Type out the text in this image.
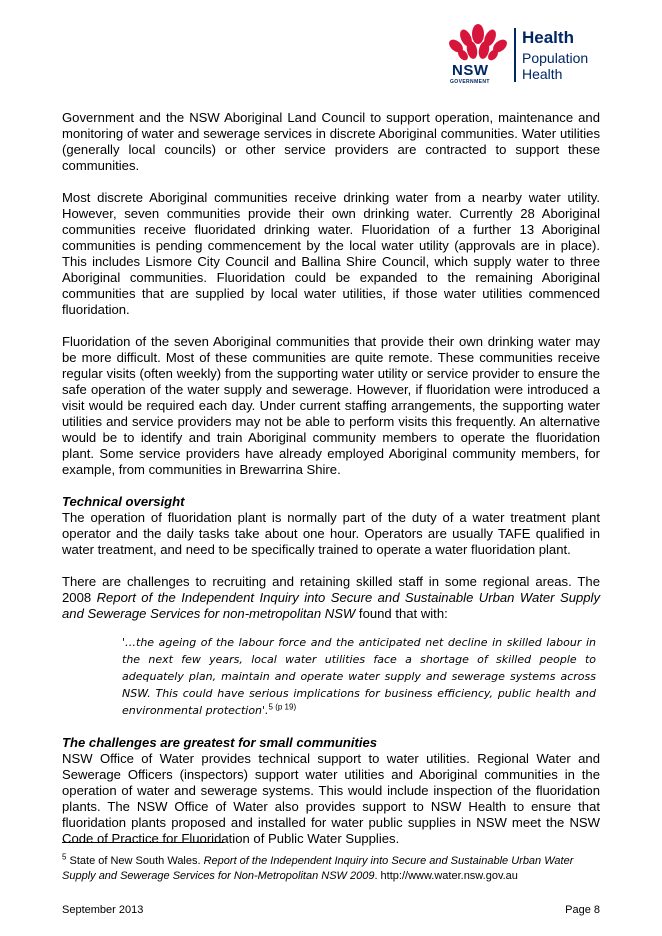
NSW
GOVERNMENT
Health
Population
Health

Government and the NSW Aboriginal Land Council to support operation, maintenance and monitoring of water and sewerage services in discrete Aboriginal communities. Water utilities (generally local councils) or other service providers are contracted to support these communities.

Most discrete Aboriginal communities receive drinking water from a nearby water utility. However, seven communities provide their own drinking water. Currently 28 Aboriginal communities receive fluoridated drinking water. Fluoridation of a further 13 Aboriginal communities is pending commencement by the local water utility (approvals are in place). This includes Lismore City Council and Ballina Shire Council, which supply water to three Aboriginal communities. Fluoridation could be expanded to the remaining Aboriginal communities that are supplied by local water utilities, if those water utilities commenced fluoridation.

Fluoridation of the seven Aboriginal communities that provide their own drinking water may be more difficult. Most of these communities are quite remote. These communities receive regular visits (often weekly) from the supporting water utility or service provider to ensure the safe operation of the water supply and sewerage. However, if fluoridation were introduced a visit would be required each day. Under current staffing arrangements, the supporting water utilities and service providers may not be able to perform visits this frequently. An alternative would be to identify and train Aboriginal community members to operate the fluoridation plant. Some service providers have already employed Aboriginal community members, for example, from communities in Brewarrina Shire.

Technical oversight

The operation of fluoridation plant is normally part of the duty of a water treatment plant operator and the daily tasks take about one hour. Operators are usually TAFE qualified in water treatment, and need to be specifically trained to operate a water fluoridation plant.

There are challenges to recruiting and retaining skilled staff in some regional areas. The 2008 Report of the Independent Inquiry into Secure and Sustainable Urban Water Supply and Sewerage Services for non-metropolitan NSW found that with:

'…the ageing of the labour force and the anticipated net decline in skilled labour in the next few years, local water utilities face a shortage of skilled people to adequately plan, maintain and operate water supply and sewerage systems across NSW. This could have serious implications for business efficiency, public health and environmental protection'.$^{5 (p 19)}$
The challenges are greatest for small communities

NSW Office of Water provides technical support to water utilities. Regional Water and Sewerage Officers (inspectors) support water utilities and Aboriginal communities in the operation of water and sewerage systems. This would include inspection of the fluoridation plants. The NSW Office of Water also provides support to NSW Health to ensure that fluoridation plants proposed and installed for water public supplies in NSW meet the NSW Code of Practice for Fluoridation of Public Water Supplies.

$^5$ State of New South Wales. Report of the Independent Inquiry into Secure and Sustainable Urban Water Supply and Sewerage Services for Non-Metropolitan NSW 2009. http://www.water.nsw.gov.au
September 2013	Page 8
